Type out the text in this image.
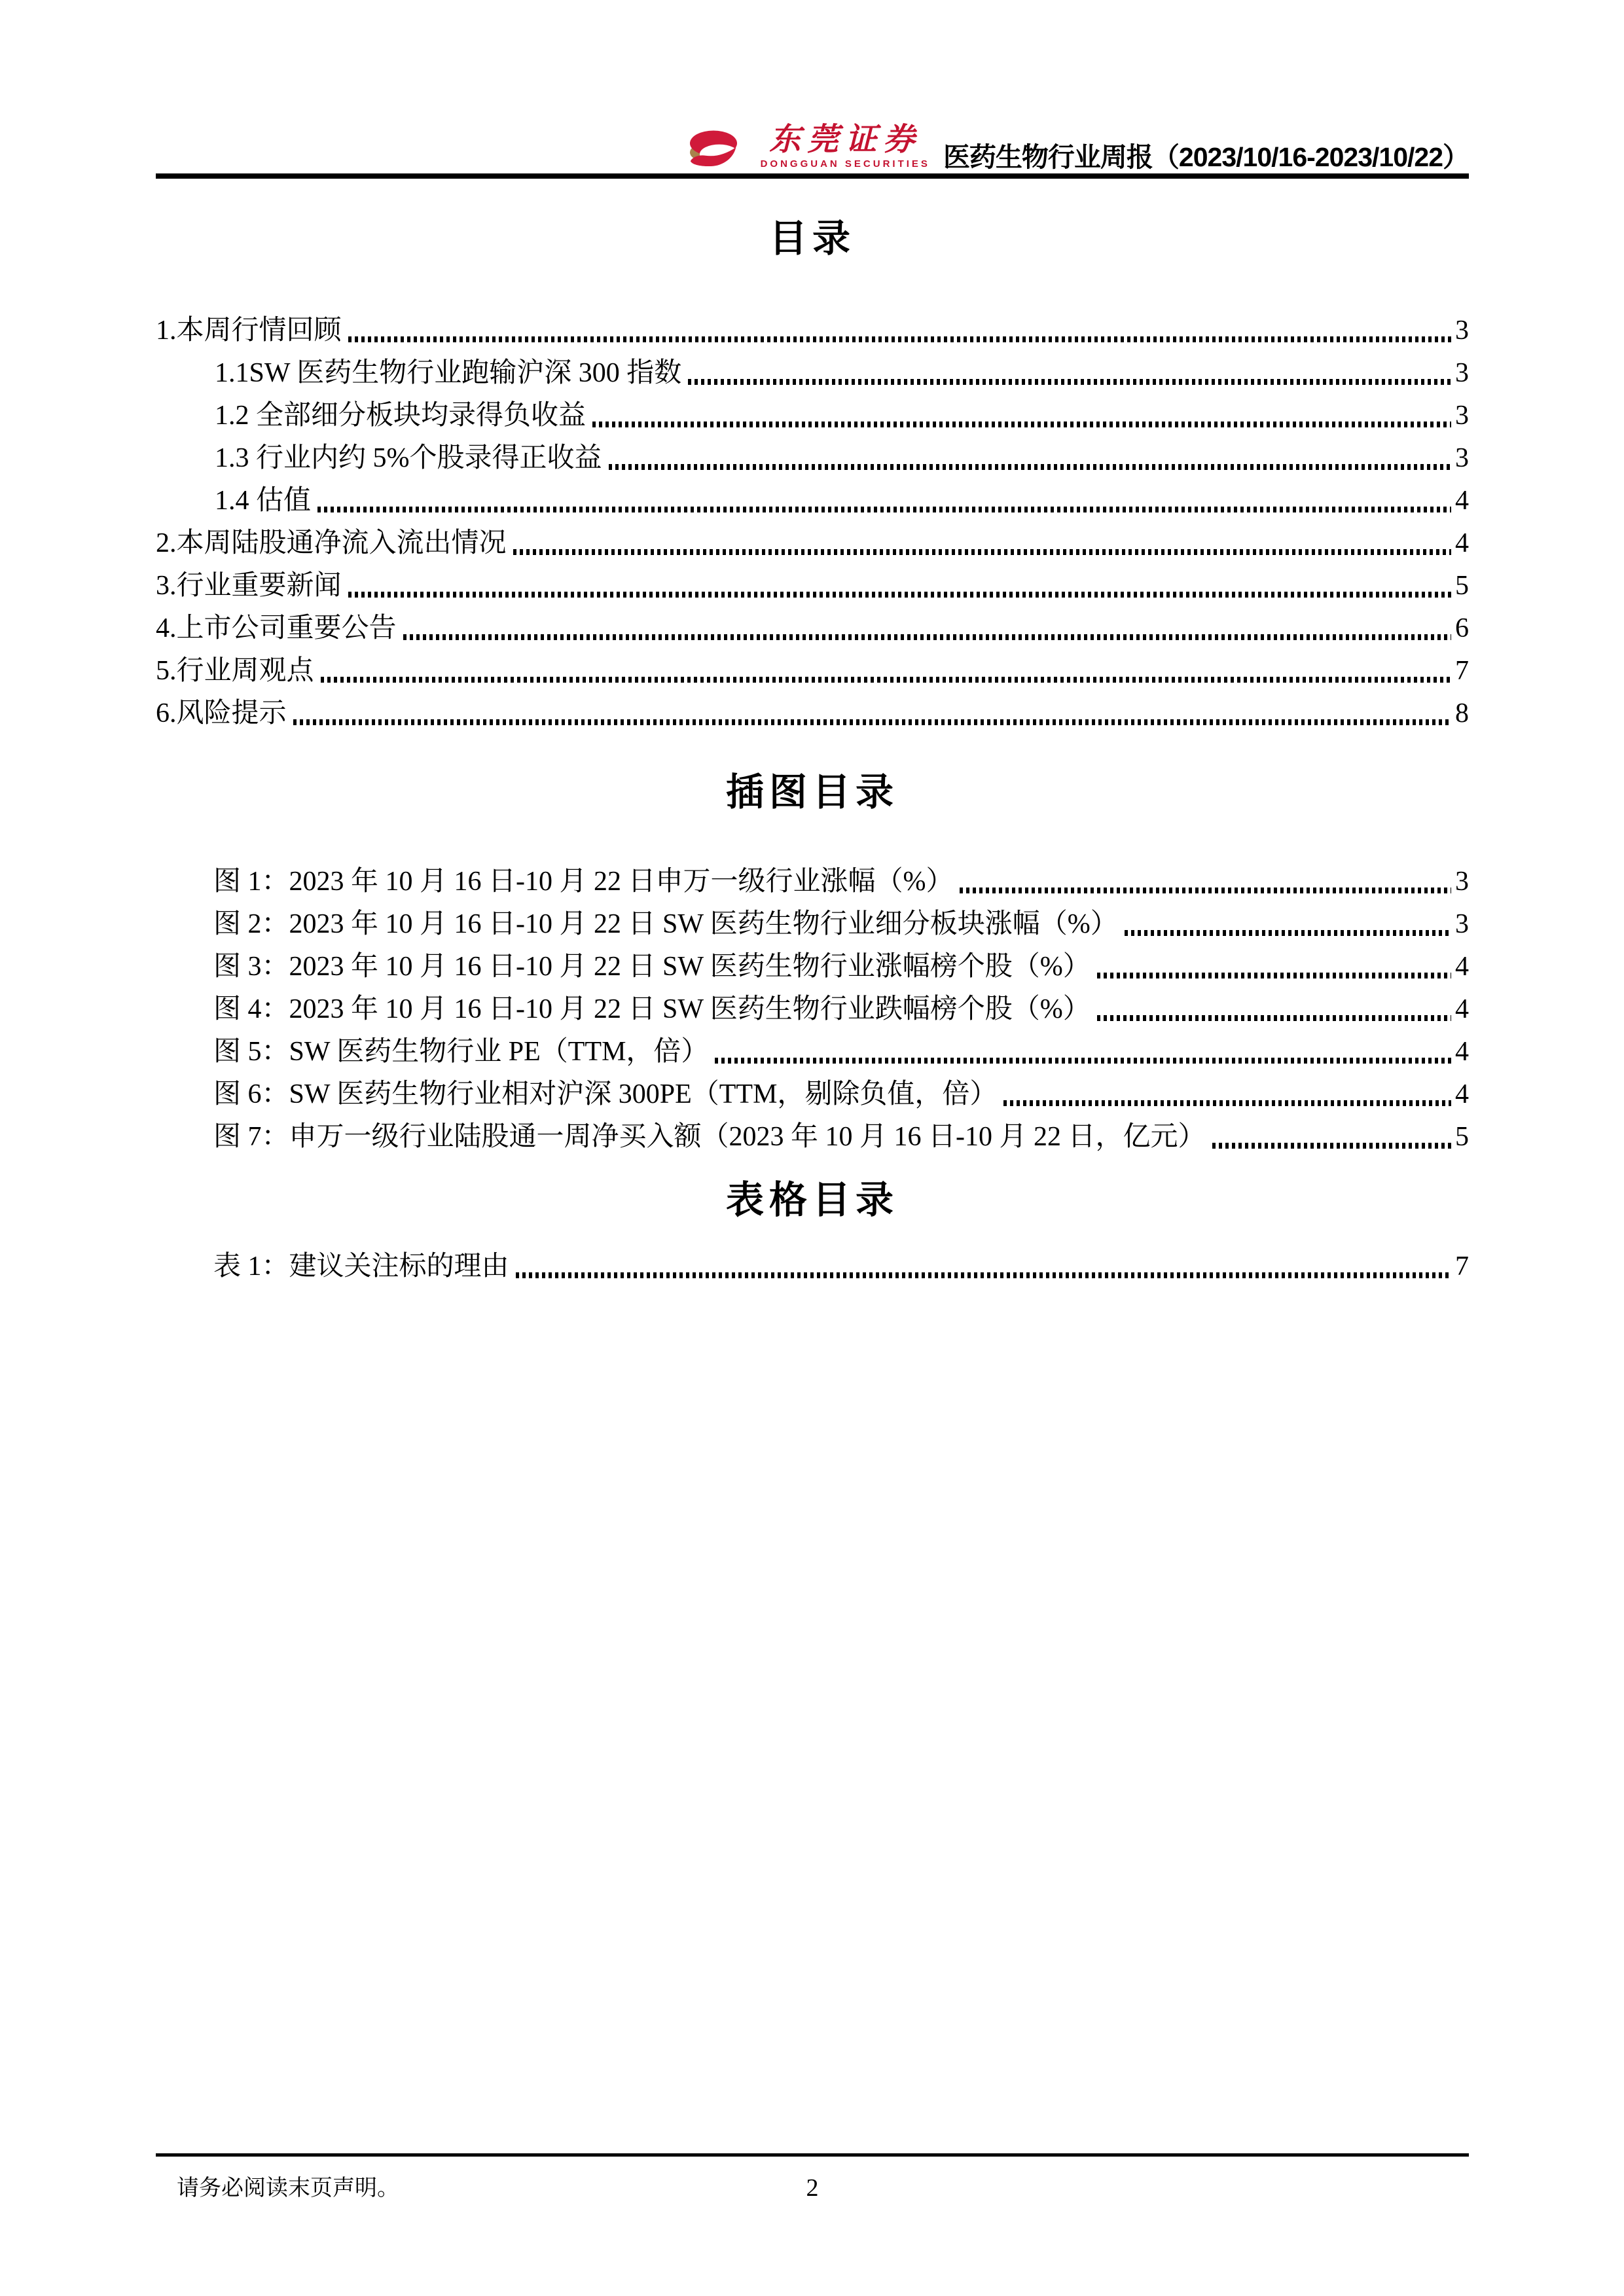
东莞证券
DONGGUAN SECURITIES 医药生物行业周报（2023/10/16-2023/10/22）
目录
1.本周行情回顾	3
1.1SW 医药生物行业跑输沪深 300 指数	3
1.2 全部细分板块均录得负收益	3
1.3 行业内约 5%个股录得正收益	3
1.4 估值	4
2.本周陆股通净流入流出情况	4
3.行业重要新闻	5
4.上市公司重要公告	6
5.行业周观点	7
6.风险提示	8
插图目录
图 1：2023 年 10 月 16 日-10 月 22 日申万一级行业涨幅（%）	3
图 2：2023 年 10 月 16 日-10 月 22 日 SW 医药生物行业细分板块涨幅（%）	3
图 3：2023 年 10 月 16 日-10 月 22 日 SW 医药生物行业涨幅榜个股（%）	4
图 4：2023 年 10 月 16 日-10 月 22 日 SW 医药生物行业跌幅榜个股（%）	4
图 5：SW 医药生物行业 PE（TTM，倍）	4
图 6：SW 医药生物行业相对沪深 300PE（TTM，剔除负值，倍）	4
图 7：申万一级行业陆股通一周净买入额（2023 年 10 月 16 日-10 月 22 日，亿元）	5
表格目录
表 1：建议关注标的理由	7
请务必阅读末页声明。	2
